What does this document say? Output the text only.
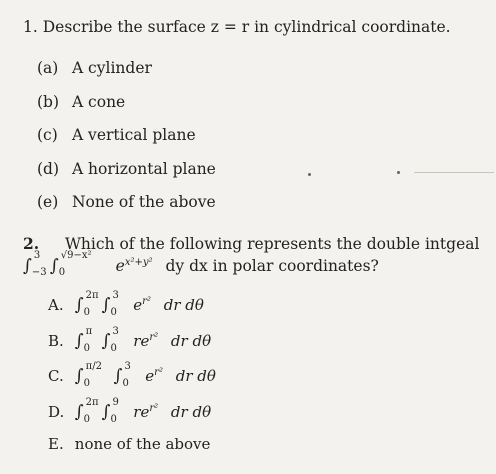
1. Describe the surface z = r in cylindrical coordinate.
(a) A cylinder
(b) A cone
(c) A vertical plane
(d) A horizontal plane
(e) None of the above
2. Which of the following represents the double intgeal
∫
3
−3 ∫
√9−x²
0	$e^{x^2+y^2}$ dy dx in polar coordinates?
A. ∫ 2π
0 ∫ 3
0 $e^{r^2}$ dr dθ
B. ∫ π
0 ∫ 3
0 $re^{r^2}$ dr dθ
C. ∫ π/2
0 ∫ 3
0 $e^{r^2}$ dr dθ
D. ∫ 2π
0 ∫ 9
0 $re^{r^2}$ dr dθ
E. none of the above
